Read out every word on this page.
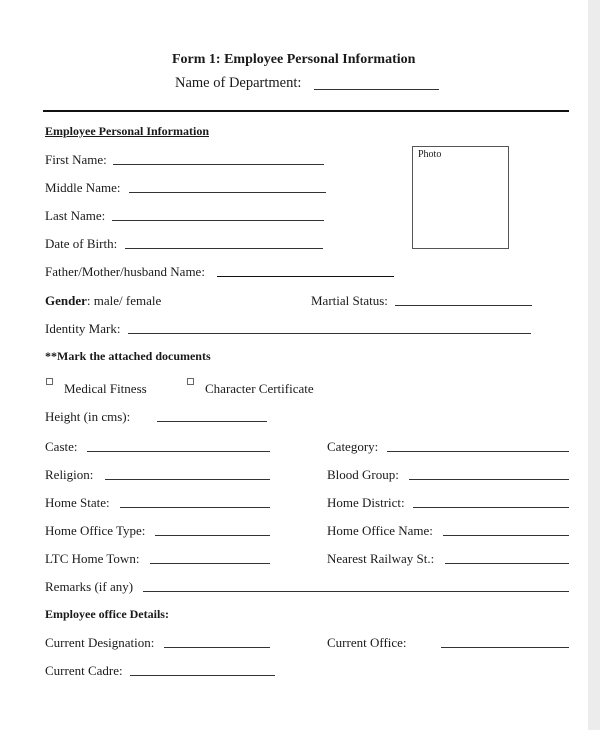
Form 1: Employee Personal Information
Name of Department:
Employee Personal Information
Photo
First Name:
Middle Name:
Last Name:
Date of Birth:
Father/Mother/husband Name:
Gender: male/ female	Martial Status:
Identity Mark:
**Mark the attached documents
Medical Fitness	Character Certificate
Height (in cms):
Caste:	Category:
Religion:	Blood Group:
Home State:	Home District:
Home Office Type:	Home Office Name:
LTC Home Town:	Nearest Railway St.:
Remarks (if any)
Employee office Details:
Current Designation:	Current Office:
Current Cadre:
